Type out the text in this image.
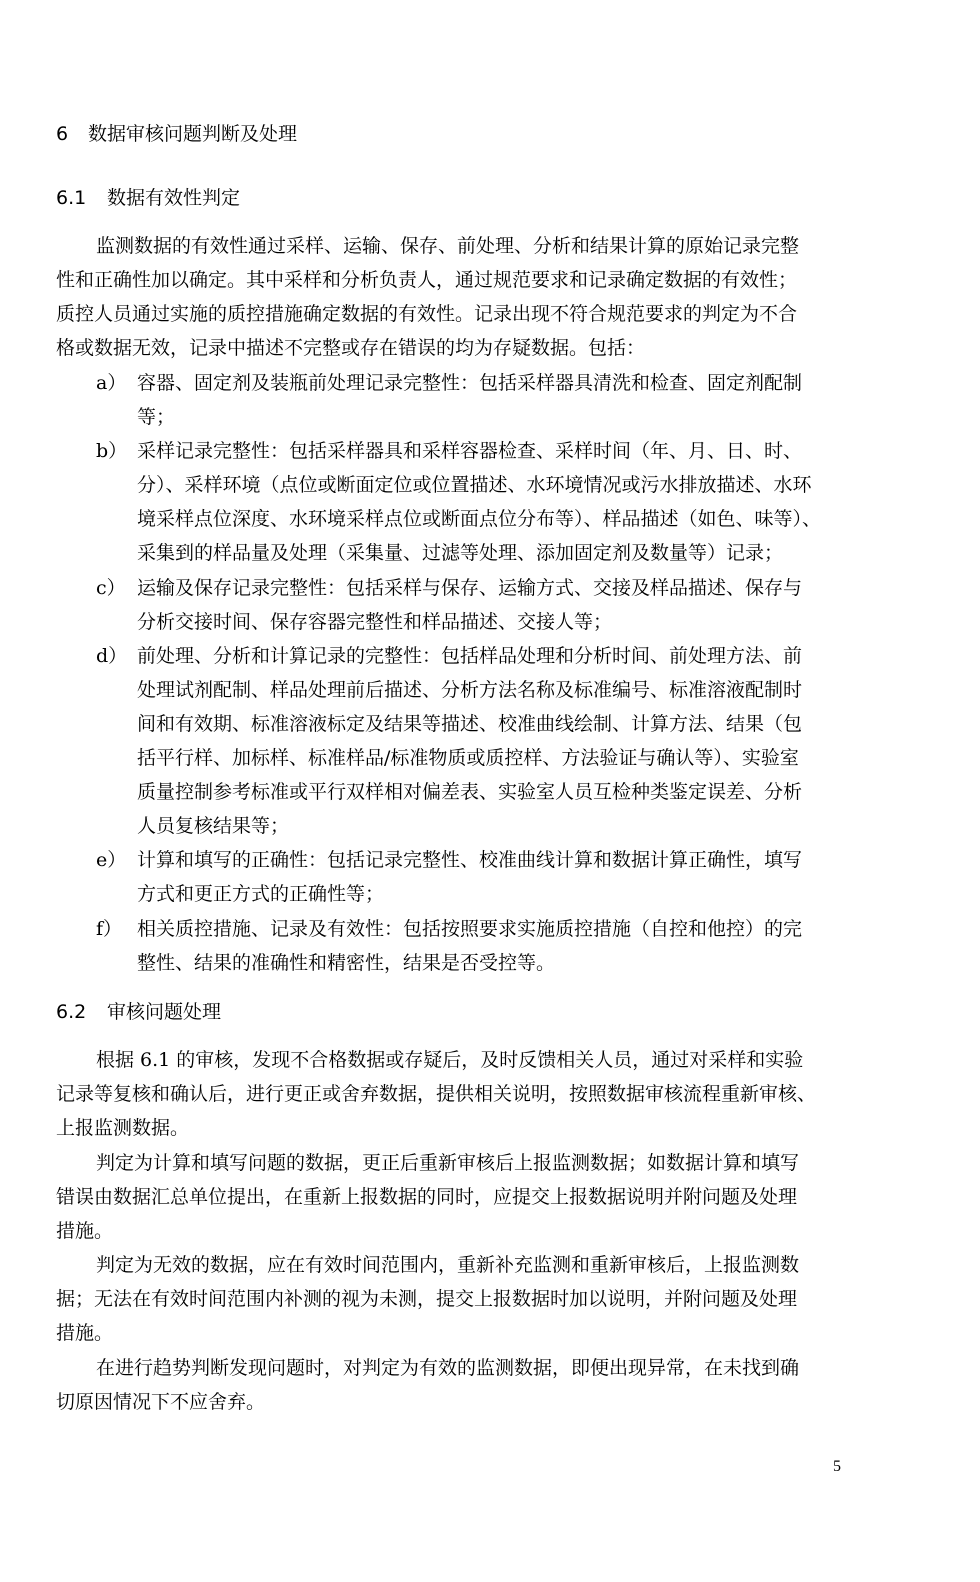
6 数据审核问题判断及处理
6.1 数据有效性判定
监测数据的有效性通过采样、运输、保存、前处理、分析和结果计算的原始记录完整
性和正确性加以确定。其中采样和分析负责人，通过规范要求和记录确定数据的有效性；
质控人员通过实施的质控措施确定数据的有效性。记录出现不符合规范要求的判定为不合
格或数据无效，记录中描述不完整或存在错误的均为存疑数据。包括：
a） 容器、固定剂及装瓶前处理记录完整性：包括采样器具清洗和检查、固定剂配制
等；
b） 采样记录完整性：包括采样器具和采样容器检查、采样时间（年、月、日、时、
分）、采样环境（点位或断面定位或位置描述、水环境情况或污水排放描述、水环
境采样点位深度、水环境采样点位或断面点位分布等）、样品描述（如色、味等）、
采集到的样品量及处理（采集量、过滤等处理、添加固定剂及数量等）记录；
c） 运输及保存记录完整性：包括采样与保存、运输方式、交接及样品描述、保存与
分析交接时间、保存容器完整性和样品描述、交接人等；
d） 前处理、分析和计算记录的完整性：包括样品处理和分析时间、前处理方法、前
处理试剂配制、样品处理前后描述、分析方法名称及标准编号、标准溶液配制时
间和有效期、标准溶液标定及结果等描述、校准曲线绘制、计算方法、结果（包
括平行样、加标样、标准样品/标准物质或质控样、方法验证与确认等）、实验室
质量控制参考标准或平行双样相对偏差表、实验室人员互检种类鉴定误差、分析
人员复核结果等；
e） 计算和填写的正确性：包括记录完整性、校准曲线计算和数据计算正确性，填写
方式和更正方式的正确性等；
f） 相关质控措施、记录及有效性：包括按照要求实施质控措施（自控和他控）的完
整性、结果的准确性和精密性，结果是否受控等。
6.2 审核问题处理
根据 6.1 的审核，发现不合格数据或存疑后，及时反馈相关人员，通过对采样和实验
记录等复核和确认后，进行更正或舍弃数据，提供相关说明，按照数据审核流程重新审核、
上报监测数据。
判定为计算和填写问题的数据，更正后重新审核后上报监测数据；如数据计算和填写
错误由数据汇总单位提出，在重新上报数据的同时，应提交上报数据说明并附问题及处理
措施。
判定为无效的数据，应在有效时间范围内，重新补充监测和重新审核后，上报监测数
据；无法在有效时间范围内补测的视为未测，提交上报数据时加以说明，并附问题及处理
措施。
在进行趋势判断发现问题时，对判定为有效的监测数据，即便出现异常，在未找到确
切原因情况下不应舍弃。
5
